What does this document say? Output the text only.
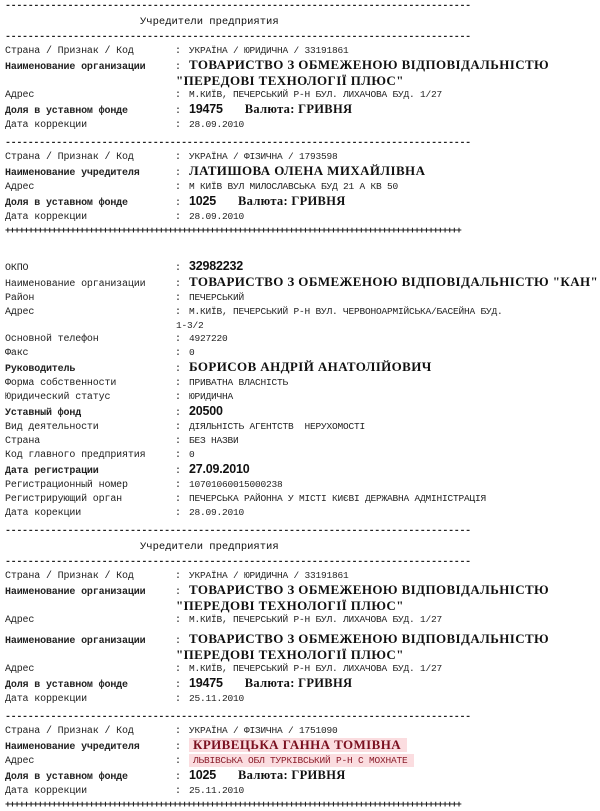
----------------------------------------------------------------------------------
Учредители предприятия
----------------------------------------------------------------------------------
Страна / Признак / Код	: УКРАЇНА / ЮРИДИЧНА / 33191861
Наименование организации	: ТОВАРИСТВО З ОБМЕЖЕНОЮ ВІДПОВІДАЛЬНІСТЮ
"ПЕРЕДОВІ ТЕХНОЛОГІЇ ПЛЮС"
Адрес	: М.КИЇВ, ПЕЧЕРСЬКИЙ Р-Н БУЛ. ЛИХАЧОВА БУД. 1/27
Доля в уставном фонде	: 19475 Валюта: ГРИВНЯ
Дата коррекции	: 28.09.2010
----------------------------------------------------------------------------------
Страна / Признак / Код	: УКРАЇНА / ФІЗИЧНА / 1793598
Наименование учредителя	: ЛАТИШОВА ОЛЕНА МИХАЙЛІВНА
Адрес	: М КИЇВ ВУЛ МИЛОСЛАВСЬКА БУД 21 А КВ 50
Доля в уставном фонде	: 1025 Валюта: ГРИВНЯ
Дата коррекции	: 28.09.2010
++++++++++++++++++++++++++++++++++++++++++++++++++++++++++++++++++++++++++++++++++++++++++++++++++
ОКПО	: 32982232
Наименование организации	: ТОВАРИСТВО З ОБМЕЖЕНОЮ ВІДПОВІДАЛЬНІСТЮ "КАН"
Район	: ПЕЧЕРСЬКИЙ
Адрес	: М.КИЇВ, ПЕЧЕРСЬКИЙ Р-Н ВУЛ. ЧЕРВОНОАРМІЙСЬКА/БАСЕЙНА БУД.
1-3/2
Основной телефон	: 4927220
Факс	: 0
Руководитель	: БОРИСОВ АНДРІЙ АНАТОЛІЙОВИЧ
Форма собственности	: ПРИВАТНА ВЛАСНІСТЬ
Юридический статус	: ЮРИДИЧНА
Уставный фонд	: 20500
Вид деятельности	: ДІЯЛЬНІСТЬ АГЕНТСТВ  НЕРУХОМОСТІ
Страна	: БЕЗ НАЗВИ
Код главного предприятия	: 0
Дата регистрации	: 27.09.2010
Регистрационный номер	: 10701060015000238
Регистрирующий орган	: ПЕЧЕРСЬКА РАЙОННА У МІСТІ КИЄВІ ДЕРЖАВНА АДМІНІСТРАЦІЯ
Дата корекции	: 28.09.2010
----------------------------------------------------------------------------------
Учредители предприятия
----------------------------------------------------------------------------------
Страна / Признак / Код	: УКРАЇНА / ЮРИДИЧНА / 33191861
Наименование организации	: ТОВАРИСТВО З ОБМЕЖЕНОЮ ВІДПОВІДАЛЬНІСТЮ
"ПЕРЕДОВІ ТЕХНОЛОГІЇ ПЛЮС"
Адрес	: М.КИЇВ, ПЕЧЕРСЬКИЙ Р-Н БУЛ. ЛИХАЧОВА БУД. 1/27
Наименование организации	: ТОВАРИСТВО З ОБМЕЖЕНОЮ ВІДПОВІДАЛЬНІСТЮ
"ПЕРЕДОВІ ТЕХНОЛОГІЇ ПЛЮС"
Адрес	: М.КИЇВ, ПЕЧЕРСЬКИЙ Р-Н БУЛ. ЛИХАЧОВА БУД. 1/27
Доля в уставном фонде	: 19475 Валюта: ГРИВНЯ
Дата коррекции	: 25.11.2010
----------------------------------------------------------------------------------
Страна / Признак / Код	: УКРАЇНА / ФІЗИЧНА / 1751090
Наименование учредителя	: КРИВЕЦЬКА ГАННА ТОМІВНА
Адрес	:	ЛЬВІВСЬКА ОБЛ ТУРКІВСЬКИЙ Р-Н С МОХНАТЕ
Доля в уставном фонде	: 1025 Валюта: ГРИВНЯ
Дата коррекции	: 25.11.2010
++++++++++++++++++++++++++++++++++++++++++++++++++++++++++++++++++++++++++++++++++++++++++++++++++
